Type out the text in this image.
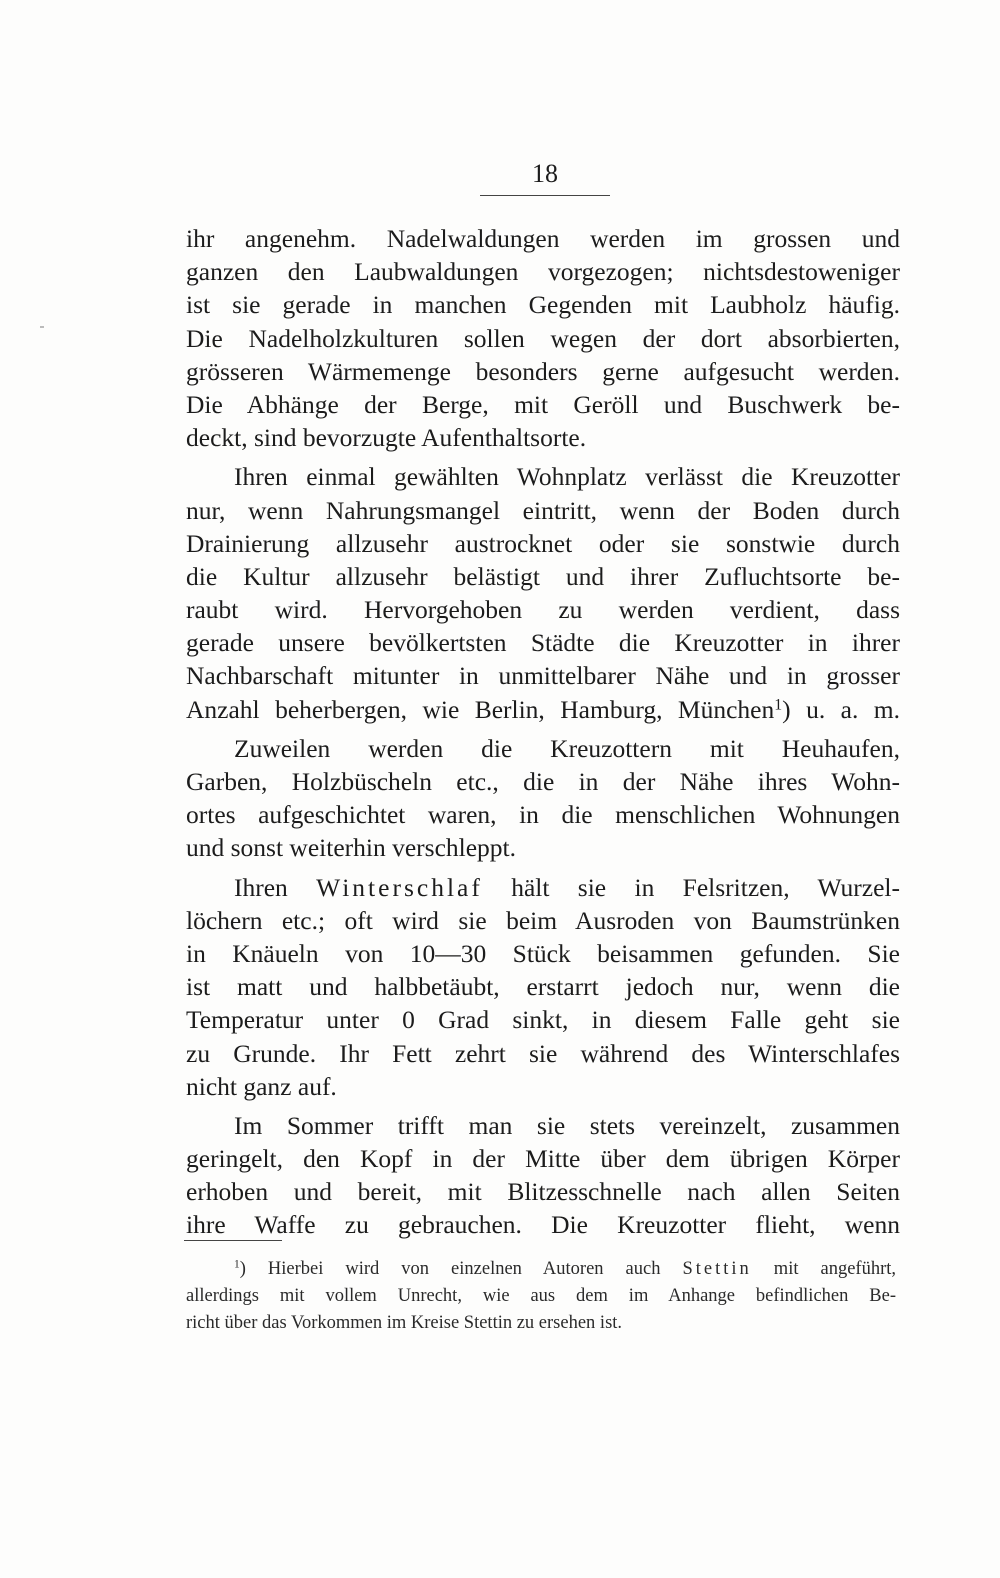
18
ihr angenehm. Nadelwaldungen werden im grossen und
ganzen den Laubwaldungen vorgezogen; nichtsdestoweniger
ist sie gerade in manchen Gegenden mit Laubholz häufig.
Die Nadelholzkulturen sollen wegen der dort absorbierten,
grösseren Wärmemenge besonders gerne aufgesucht werden.
Die Abhänge der Berge, mit Geröll und Buschwerk be-
deckt, sind bevorzugte Aufenthaltsorte.
Ihren einmal gewählten Wohnplatz verlässt die Kreuzotter
nur, wenn Nahrungsmangel eintritt, wenn der Boden durch
Drainierung allzusehr austrocknet oder sie sonstwie durch
die Kultur allzusehr belästigt und ihrer Zufluchtsorte be-
raubt wird. Hervorgehoben zu werden verdient, dass
gerade unsere bevölkertsten Städte die Kreuzotter in ihrer
Nachbarschaft mitunter in unmittelbarer Nähe und in grosser
Anzahl beherbergen, wie Berlin, Hamburg, München$^1$) u. a. m.
Zuweilen werden die Kreuzottern mit Heuhaufen,
Garben, Holzbüscheln etc., die in der Nähe ihres Wohn-
ortes aufgeschichtet waren, in die menschlichen Wohnungen
und sonst weiterhin verschleppt.
Ihren Winterschlaf hält sie in Felsritzen, Wurzel-
löchern etc.; oft wird sie beim Ausroden von Baumstrünken
in Knäueln von 10—30 Stück beisammen gefunden. Sie
ist matt und halbbetäubt, erstarrt jedoch nur, wenn die
Temperatur unter 0 Grad sinkt, in diesem Falle geht sie
zu Grunde. Ihr Fett zehrt sie während des Winterschlafes
nicht ganz auf.
Im Sommer trifft man sie stets vereinzelt, zusammen
geringelt, den Kopf in der Mitte über dem übrigen Körper
erhoben und bereit, mit Blitzesschnelle nach allen Seiten
ihre Waffe zu gebrauchen. Die Kreuzotter flieht, wenn
$^1$) Hierbei wird von einzelnen Autoren auch Stettin mit angeführt,
allerdings mit vollem Unrecht, wie aus dem im Anhange befindlichen Be-
richt über das Vorkommen im Kreise Stettin zu ersehen ist.
